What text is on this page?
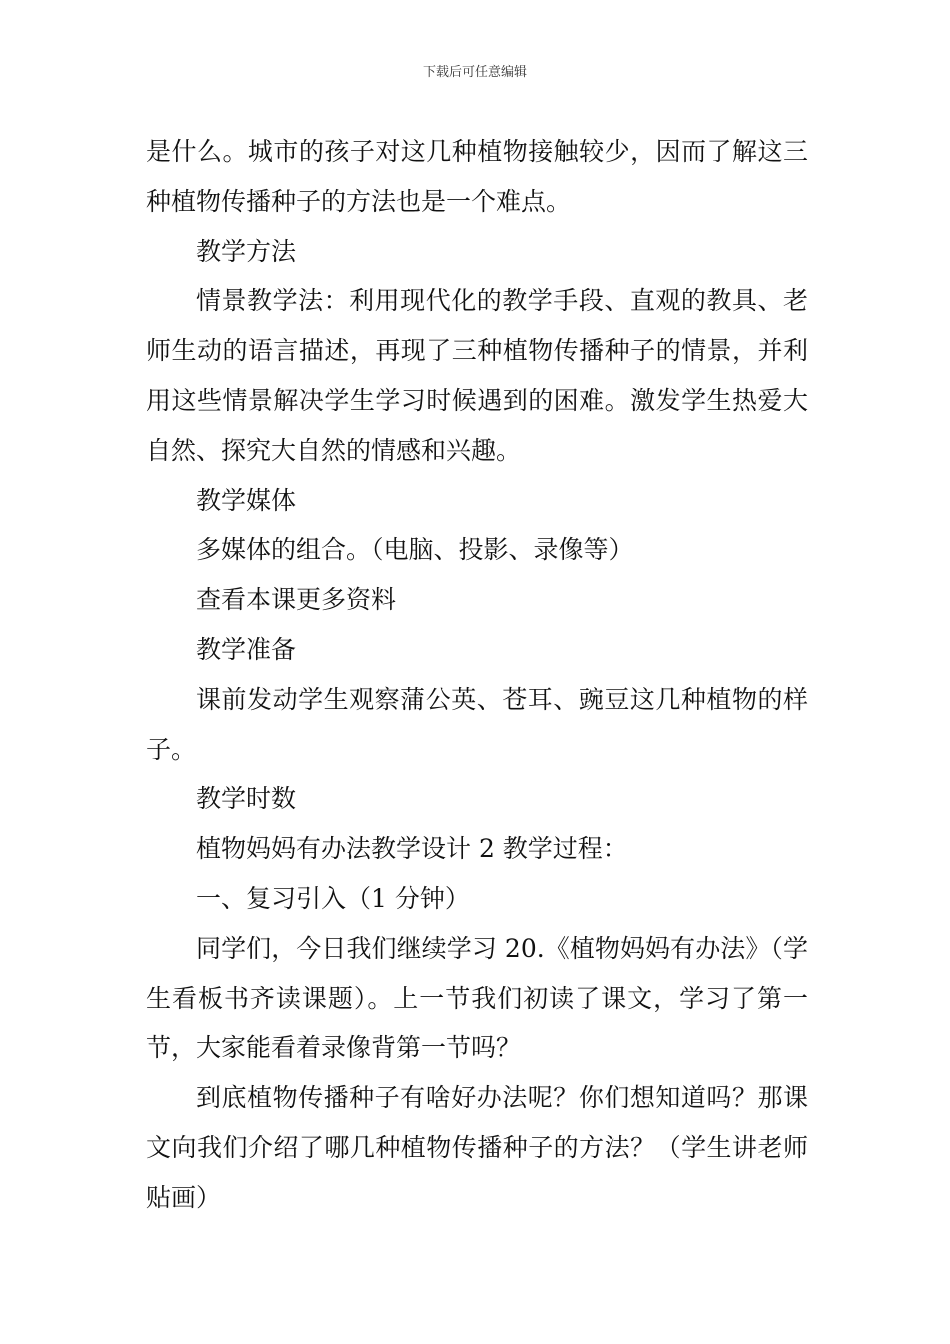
下载后可任意编辑

是什么。城市的孩子对这几种植物接触较少，因而了解这三种植物传播种子的方法也是一个难点。

教学方法

情景教学法：利用现代化的教学手段、直观的教具、老师生动的语言描述，再现了三种植物传播种子的情景，并利用这些情景解决学生学习时候遇到的困难。激发学生热爱大自然、探究大自然的情感和兴趣。

教学媒体

多媒体的组合。（电脑、投影、录像等）

查看本课更多资料

教学准备

课前发动学生观察蒲公英、苍耳、豌豆这几种植物的样子。

教学时数

植物妈妈有办法教学设计 2 教学过程：

一、复习引入（1 分钟）

同学们，今日我们继续学习 20.《植物妈妈有办法》（学生看板书齐读课题）。上一节我们初读了课文，学习了第一节，大家能看着录像背第一节吗？

到底植物传播种子有啥好办法呢？你们想知道吗？那课文向我们介绍了哪几种植物传播种子的方法？（学生讲老师贴画）
